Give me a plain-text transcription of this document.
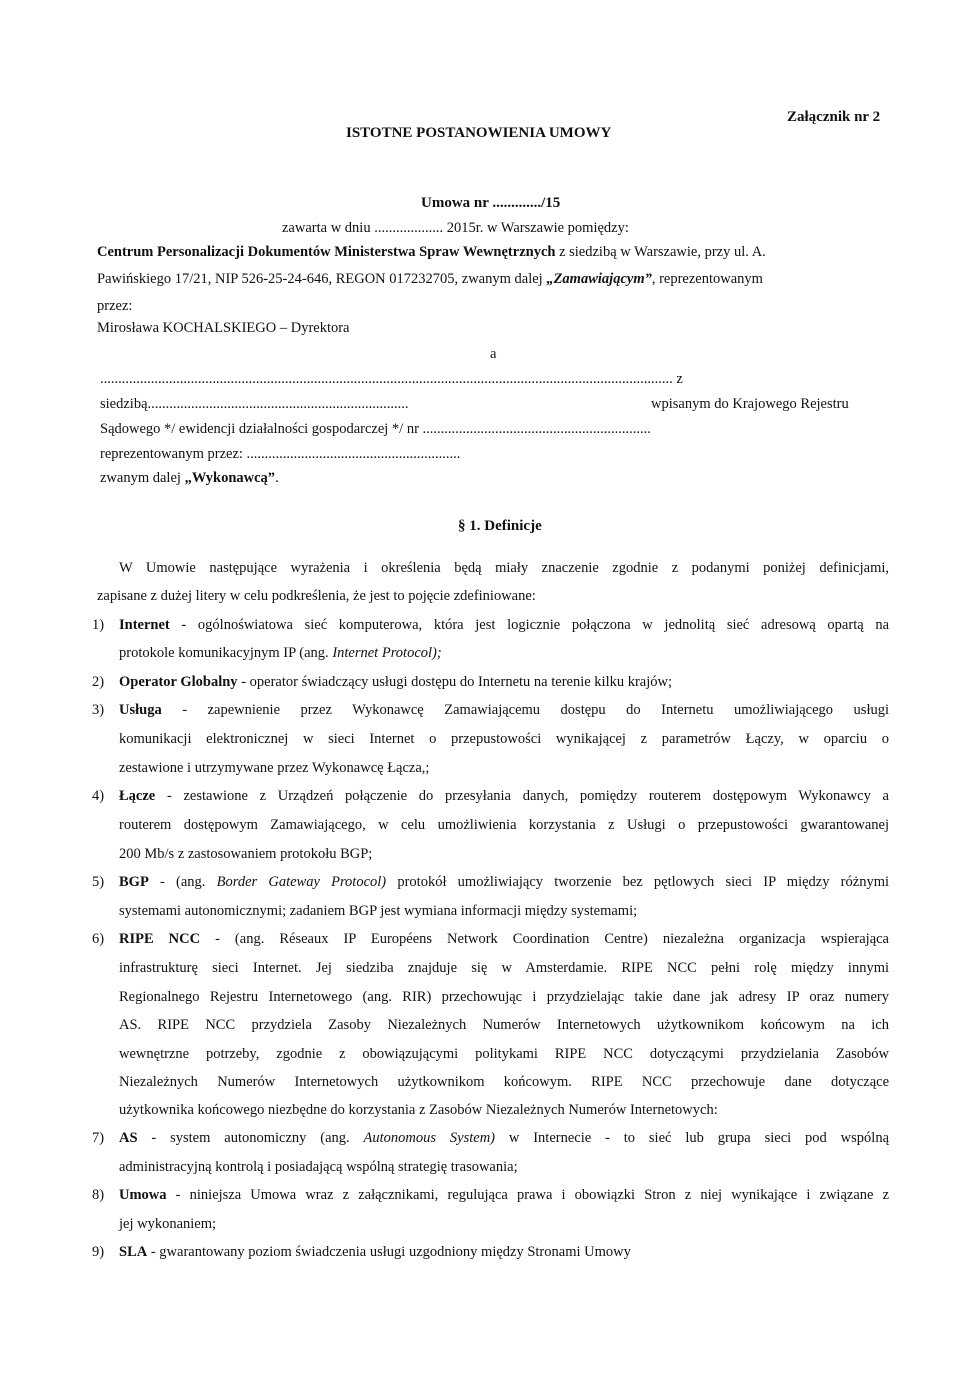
Załącznik nr 2
ISTOTNE POSTANOWIENIA UMOWY
Umowa nr ............./15
zawarta w dniu ................... 2015r. w Warszawie pomiędzy:
Centrum Personalizacji Dokumentów Ministerstwa Spraw Wewnętrznych z siedzibą w Warszawie, przy ul. A.
Pawińskiego 17/21, NIP 526-25-24-646, REGON 017232705, zwanym dalej „Zamawiającym”, reprezentowanym
przez:
Mirosława KOCHALSKIEGO – Dyrektora
a
.............................................................................................................................................................. z
siedzibą........................................................................	wpisanym do Krajowego Rejestru
Sądowego */ ewidencji działalności gospodarczej */ nr ...............................................................
reprezentowanym przez: ...........................................................
zwanym dalej „Wykonawcą”.
§ 1. Definicje
W Umowie następujące wyrażenia i określenia będą miały znaczenie zgodnie z podanymi poniżej definicjami,
zapisane z dużej litery w celu podkreślenia, że jest to pojęcie zdefiniowane:
1) Internet - ogólnoświatowa sieć komputerowa, która jest logicznie połączona w jednolitą sieć adresową opartą na
protokole komunikacyjnym IP (ang. Internet Protocol);
2) Operator Globalny - operator świadczący usługi dostępu do Internetu na terenie kilku krajów;
3) Usługa - zapewnienie przez Wykonawcę Zamawiającemu dostępu do Internetu umożliwiającego usługi
komunikacji elektronicznej w sieci Internet o przepustowości wynikającej z parametrów Łączy, w oparciu o
zestawione i utrzymywane przez Wykonawcę Łącza,;
4) Łącze - zestawione z Urządzeń połączenie do przesyłania danych, pomiędzy routerem dostępowym Wykonawcy a
routerem dostępowym Zamawiającego, w celu umożliwienia korzystania z Usługi o przepustowości gwarantowanej
200 Mb/s z zastosowaniem protokołu BGP;
5) BGP - (ang. Border Gateway Protocol) protokół umożliwiający tworzenie bez pętlowych sieci IP między różnymi
systemami autonomicznymi; zadaniem BGP jest wymiana informacji między systemami;
6) RIPE NCC - (ang. Réseaux IP Européens Network Coordination Centre) niezależna organizacja wspierająca
infrastrukturę sieci Internet. Jej siedziba znajduje się w Amsterdamie. RIPE NCC pełni rolę między innymi
Regionalnego Rejestru Internetowego (ang. RIR) przechowując i przydzielając takie dane jak adresy IP oraz numery
AS. RIPE NCC przydziela Zasoby Niezależnych Numerów Internetowych użytkownikom końcowym na ich
wewnętrzne potrzeby, zgodnie z obowiązującymi politykami RIPE NCC dotyczącymi przydzielania Zasobów
Niezależnych Numerów Internetowych użytkownikom końcowym. RIPE NCC przechowuje dane dotyczące
użytkownika końcowego niezbędne do korzystania z Zasobów Niezależnych Numerów Internetowych:
7) AS - system autonomiczny (ang. Autonomous System) w Internecie - to sieć lub grupa sieci pod wspólną
administracyjną kontrolą i posiadającą wspólną strategię trasowania;
8) Umowa - niniejsza Umowa wraz z załącznikami, regulująca prawa i obowiązki Stron z niej wynikające i związane z
jej wykonaniem;
9) SLA - gwarantowany poziom świadczenia usługi uzgodniony między Stronami Umowy
